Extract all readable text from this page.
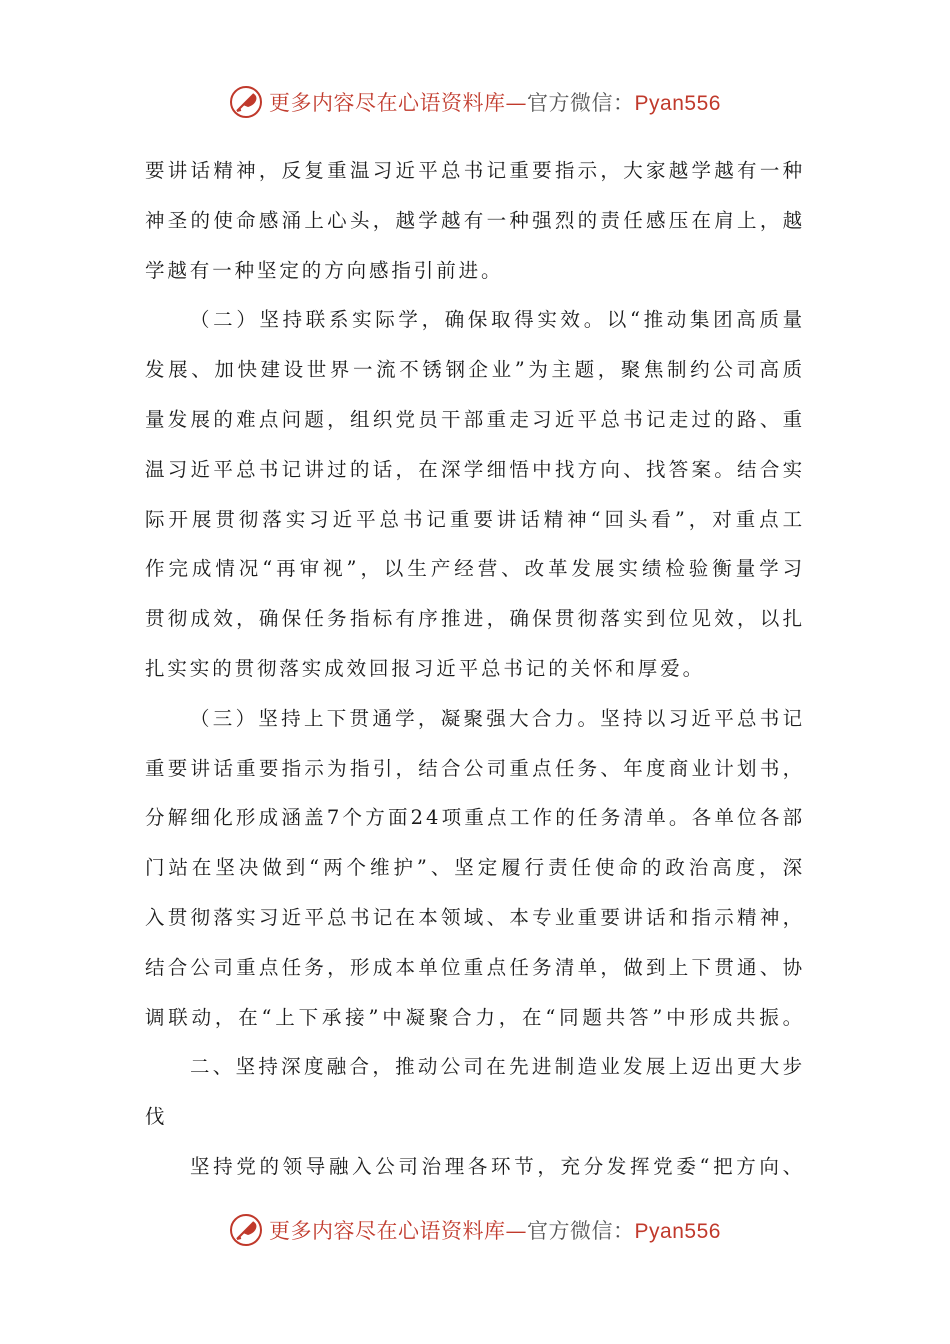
更多内容尽在心语资料库—官方微信：Pyan556
要讲话精神，反复重温习近平总书记重要指示，大家越学越有一种
神圣的使命感涌上心头，越学越有一种强烈的责任感压在肩上，越
学越有一种坚定的方向感指引前进。
（二）坚持联系实际学，确保取得实效。以“推动集团高质量
发展、加快建设世界一流不锈钢企业”为主题，聚焦制约公司高质
量发展的难点问题，组织党员干部重走习近平总书记走过的路、重
温习近平总书记讲过的话，在深学细悟中找方向、找答案。结合实
际开展贯彻落实习近平总书记重要讲话精神“回头看”，对重点工
作完成情况“再审视”，以生产经营、改革发展实绩检验衡量学习
贯彻成效，确保任务指标有序推进，确保贯彻落实到位见效，以扎
扎实实的贯彻落实成效回报习近平总书记的关怀和厚爱。
（三）坚持上下贯通学，凝聚强大合力。坚持以习近平总书记
重要讲话重要指示为指引，结合公司重点任务、年度商业计划书，
分解细化形成涵盖7个方面24项重点工作的任务清单。各单位各部
门站在坚决做到“两个维护”、坚定履行责任使命的政治高度，深
入贯彻落实习近平总书记在本领域、本专业重要讲话和指示精神，
结合公司重点任务，形成本单位重点任务清单，做到上下贯通、协
调联动，在“上下承接”中凝聚合力，在“同题共答”中形成共振。
二、坚持深度融合，推动公司在先进制造业发展上迈出更大步
伐
坚持党的领导融入公司治理各环节，充分发挥党委“把方向、
更多内容尽在心语资料库—官方微信：Pyan556
